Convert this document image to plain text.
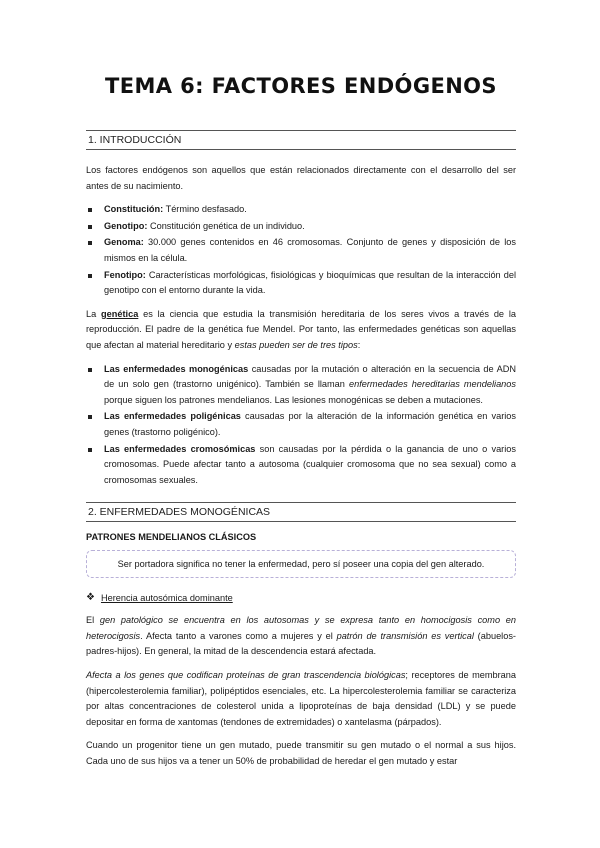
TEMA 6: FACTORES ENDÓGENOS
1. INTRODUCCIÓN

Los factores endógenos son aquellos que están relacionados directamente con el desarrollo del ser antes de su nacimiento.

Constitución: Término desfasado.
Genotipo: Constitución genética de un individuo.
Genoma: 30.000 genes contenidos en 46 cromosomas. Conjunto de genes y disposición de los mismos en la célula.
Fenotipo: Características morfológicas, fisiológicas y bioquímicas que resultan de la interacción del genotipo con el entorno durante la vida.

La genética es la ciencia que estudia la transmisión hereditaria de los seres vivos a través de la reproducción. El padre de la genética fue Mendel. Por tanto, las enfermedades genéticas son aquellas que afectan al material hereditario y estas pueden ser de tres tipos:

Las enfermedades monogénicas causadas por la mutación o alteración en la secuencia de ADN de un solo gen (trastorno unigénico). También se llaman enfermedades hereditarias mendelianos porque siguen los patrones mendelianos. Las lesiones monogénicas se deben a mutaciones.
Las enfermedades poligénicas causadas por la alteración de la información genética en varios genes (trastorno poligénico).
Las enfermedades cromosómicas son causadas por la pérdida o la ganancia de uno o varios cromosomas. Puede afectar tanto a autosoma (cualquier cromosoma que no sea sexual) como a cromosomas sexuales.
2. ENFERMEDADES MONOGÉNICAS
PATRONES MENDELIANOS CLÁSICOS
Ser portadora significa no tener la enfermedad, pero sí poseer una copia del gen alterado.
❖ Herencia autosómica dominante

El gen patológico se encuentra en los autosomas y se expresa tanto en homocigosis como en heterocigosis. Afecta tanto a varones como a mujeres y el patrón de transmisión es vertical (abuelos-padres-hijos). En general, la mitad de la descendencia estará afectada.

Afecta a los genes que codifican proteínas de gran trascendencia biológicas; receptores de membrana (hipercolesterolemia familiar), polipéptidos esenciales, etc. La hipercolesterolemia familiar se caracteriza por altas concentraciones de colesterol unida a lipoproteínas de baja densidad (LDL) y se puede depositar en forma de xantomas (tendones de extremidades) o xantelasma (párpados).

Cuando un progenitor tiene un gen mutado, puede transmitir su gen mutado o el normal a sus hijos. Cada uno de sus hijos va a tener un 50% de probabilidad de heredar el gen mutado y estar
